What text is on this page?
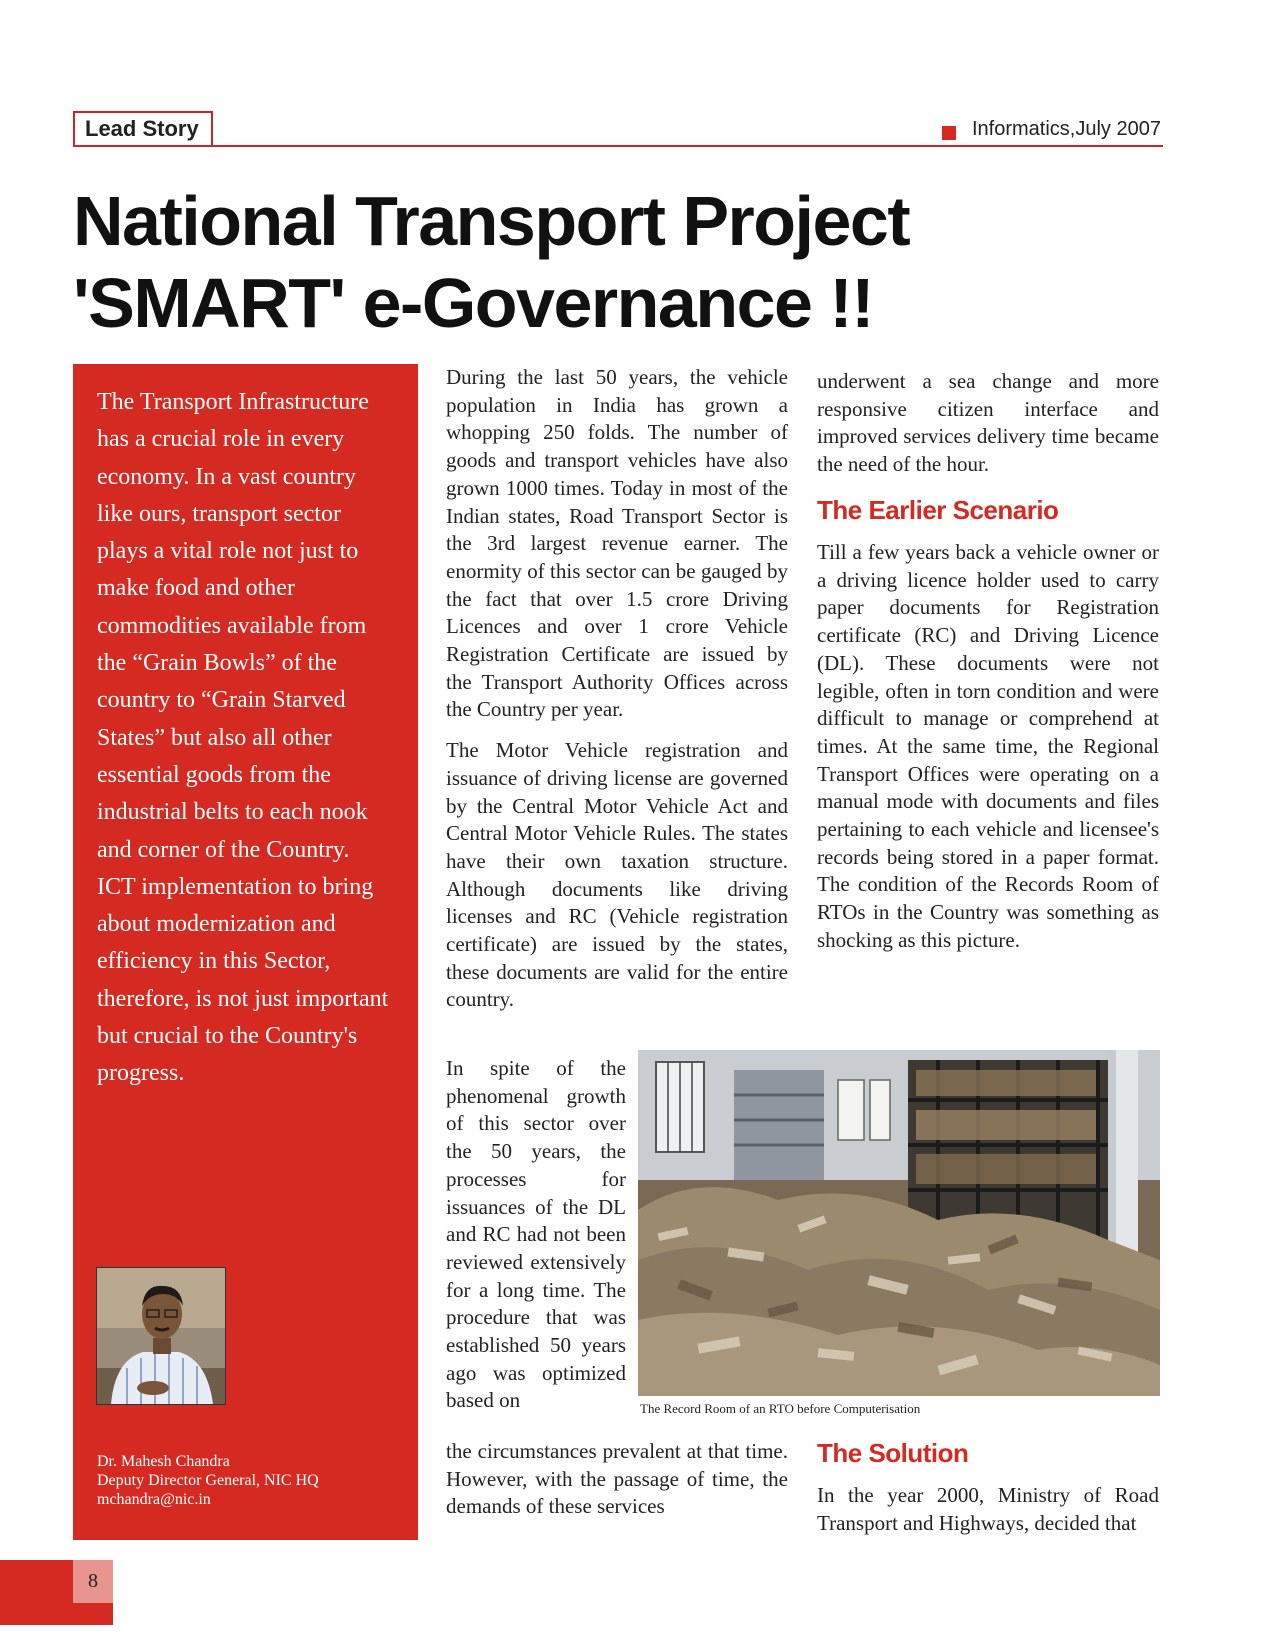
Lead Story	Informatics,July 2007
National Transport Project
'SMART' e-Governance !!

The Transport Infrastructure has a crucial role in every economy. In a vast country like ours, transport sector plays a vital role not just to make food and other commodities available from the “Grain Bowls” of the country to “Grain Starved States” but also all other essential goods from the industrial belts to each nook and corner of the Country.

ICT implementation to bring about modernization and efficiency in this Sector, therefore, is not just important but crucial to the Country's progress.

Dr. Mahesh Chandra
Deputy Director General, NIC HQ
mchandra@nic.in

During the last 50 years, the vehicle population in India has grown a whopping 250 folds. The number of goods and transport vehicles have also grown 1000 times. Today in most of the Indian states, Road Transport Sector is the 3rd largest revenue earner. The enormity of this sector can be gauged by the fact that over 1.5 crore Driving Licences and over 1 crore Vehicle Registration Certificate are issued by the Transport Authority Offices across the Country per year.

The Motor Vehicle registration and issuance of driving license are governed by the Central Motor Vehicle Act and Central Motor Vehicle Rules. The states have their own taxation structure. Although documents like driving licenses and RC (Vehicle registration certificate) are issued by the states, these documents are valid for the entire country.

In spite of the phenomenal growth of this sector over the 50 years, the processes for issuances of the DL and RC had not been reviewed extensively for a long time. The procedure that was established 50 years ago was optimized based on
the circumstances prevalent at that time. However, with the passage of time, the demands of these services
underwent a sea change and more responsive citizen interface and improved services delivery time became the need of the hour.
The Earlier Scenario
Till a few years back a vehicle owner or a driving licence holder used to carry paper documents for Registration certificate (RC) and Driving Licence (DL). These documents were not legible, often in torn condition and were difficult to manage or comprehend at times. At the same time, the Regional Transport Offices were operating on a manual mode with documents and files pertaining to each vehicle and licensee's records being stored in a paper format. The condition of the Records Room of RTOs in the Country was something as shocking as this picture.
The Solution
In the year 2000, Ministry of Road Transport and Highways, decided that
The Record Room of an RTO before Computerisation
8
